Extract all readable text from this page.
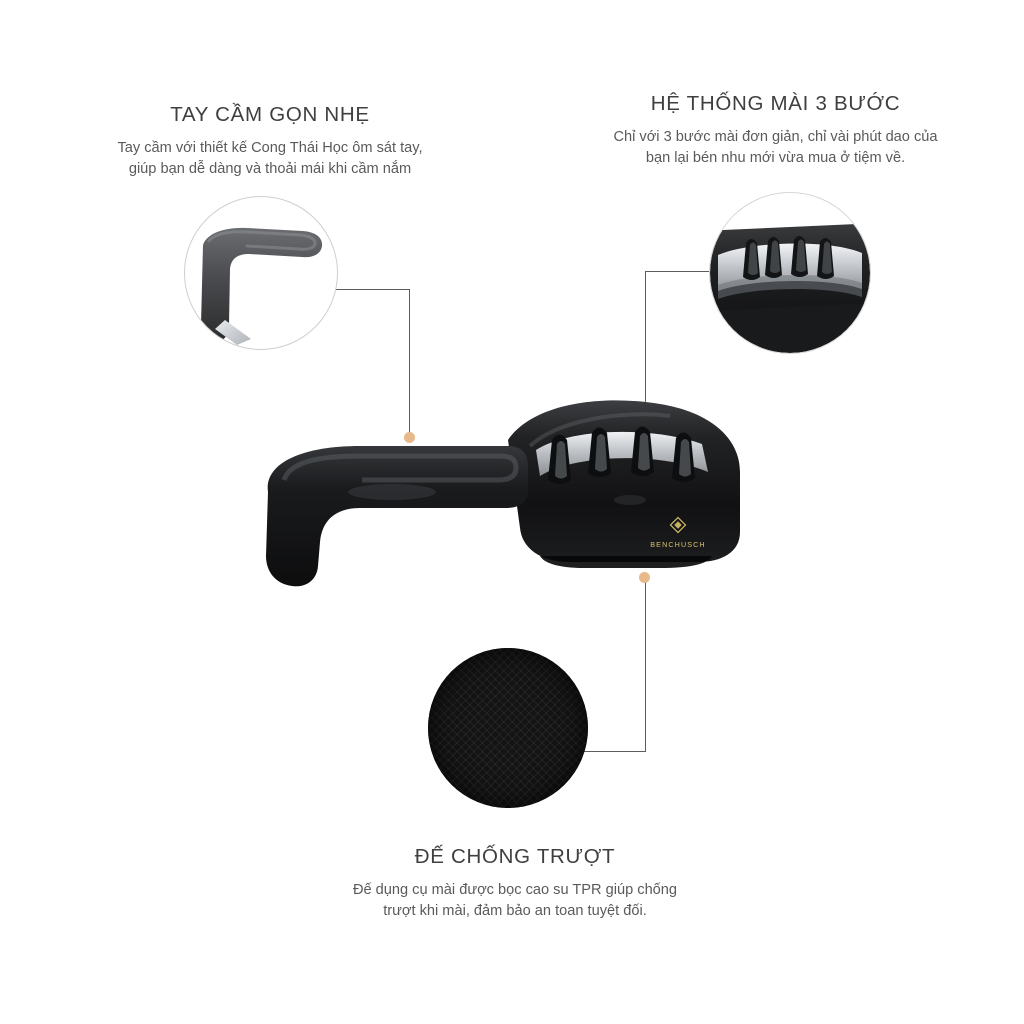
TAY CẦM GỌN NHẸ
Tay cầm với thiết kế Cong Thái Học ôm sát tay,
giúp bạn dễ dàng và thoải mái khi cầm nắm
HỆ THỐNG MÀI 3 BƯỚC
Chỉ với 3 bước mài đơn giản, chỉ vài phút dao của
bạn lại bén nhu mới vừa mua ở tiệm về.
ĐẾ CHỐNG TRƯỢT
Đế dụng cụ mài được bọc cao su TPR giúp chống
trượt khi mài, đảm bảo an toan tuyệt đối.
BENCHUSCH
